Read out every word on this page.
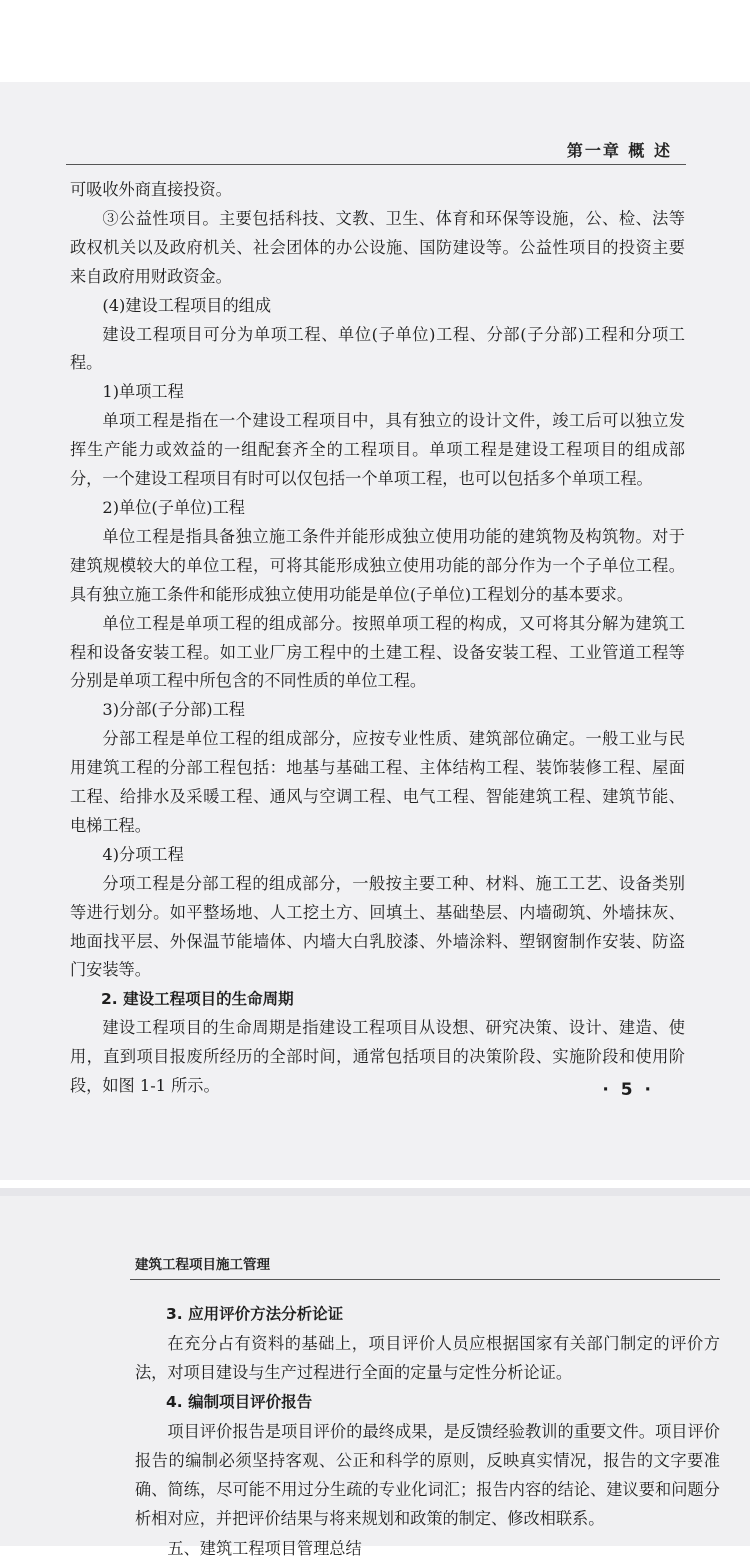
第一章 概 述

可吸收外商直接投资。

③公益性项目。主要包括科技、文教、卫生、体育和环保等设施，公、检、法等政权机关以及政府机关、社会团体的办公设施、国防建设等。公益性项目的投资主要来自政府用财政资金。

(4)建设工程项目的组成

建设工程项目可分为单项工程、单位(子单位)工程、分部(子分部)工程和分项工程。

1)单项工程

单项工程是指在一个建设工程项目中，具有独立的设计文件，竣工后可以独立发挥生产能力或效益的一组配套齐全的工程项目。单项工程是建设工程项目的组成部分，一个建设工程项目有时可以仅包括一个单项工程，也可以包括多个单项工程。

2)单位(子单位)工程

单位工程是指具备独立施工条件并能形成独立使用功能的建筑物及构筑物。对于建筑规模较大的单位工程，可将其能形成独立使用功能的部分作为一个子单位工程。具有独立施工条件和能形成独立使用功能是单位(子单位)工程划分的基本要求。

单位工程是单项工程的组成部分。按照单项工程的构成，又可将其分解为建筑工程和设备安装工程。如工业厂房工程中的土建工程、设备安装工程、工业管道工程等分别是单项工程中所包含的不同性质的单位工程。

3)分部(子分部)工程

分部工程是单位工程的组成部分，应按专业性质、建筑部位确定。一般工业与民用建筑工程的分部工程包括：地基与基础工程、主体结构工程、装饰装修工程、屋面工程、给排水及采暖工程、通风与空调工程、电气工程、智能建筑工程、建筑节能、电梯工程。

4)分项工程

分项工程是分部工程的组成部分，一般按主要工种、材料、施工工艺、设备类别等进行划分。如平整场地、人工挖土方、回填土、基础垫层、内墙砌筑、外墙抹灰、地面找平层、外保温节能墙体、内墙大白乳胶漆、外墙涂料、塑钢窗制作安装、防盗门安装等。

2. 建设工程项目的生命周期

建设工程项目的生命周期是指建设工程项目从设想、研究决策、设计、建造、使用，直到项目报废所经历的全部时间，通常包括项目的决策阶段、实施阶段和使用阶段，如图 1-1 所示。	· 5 ·
建筑工程项目施工管理

3. 应用评价方法分析论证

在充分占有资料的基础上，项目评价人员应根据国家有关部门制定的评价方法，对项目建设与生产过程进行全面的定量与定性分析论证。

4. 编制项目评价报告

项目评价报告是项目评价的最终成果，是反馈经验教训的重要文件。项目评价报告的编制必须坚持客观、公正和科学的原则，反映真实情况，报告的文字要准确、简练，尽可能不用过分生疏的专业化词汇；报告内容的结论、建议要和问题分析相对应，并把评价结果与将来规划和政策的制定、修改相联系。

五、建筑工程项目管理总结
